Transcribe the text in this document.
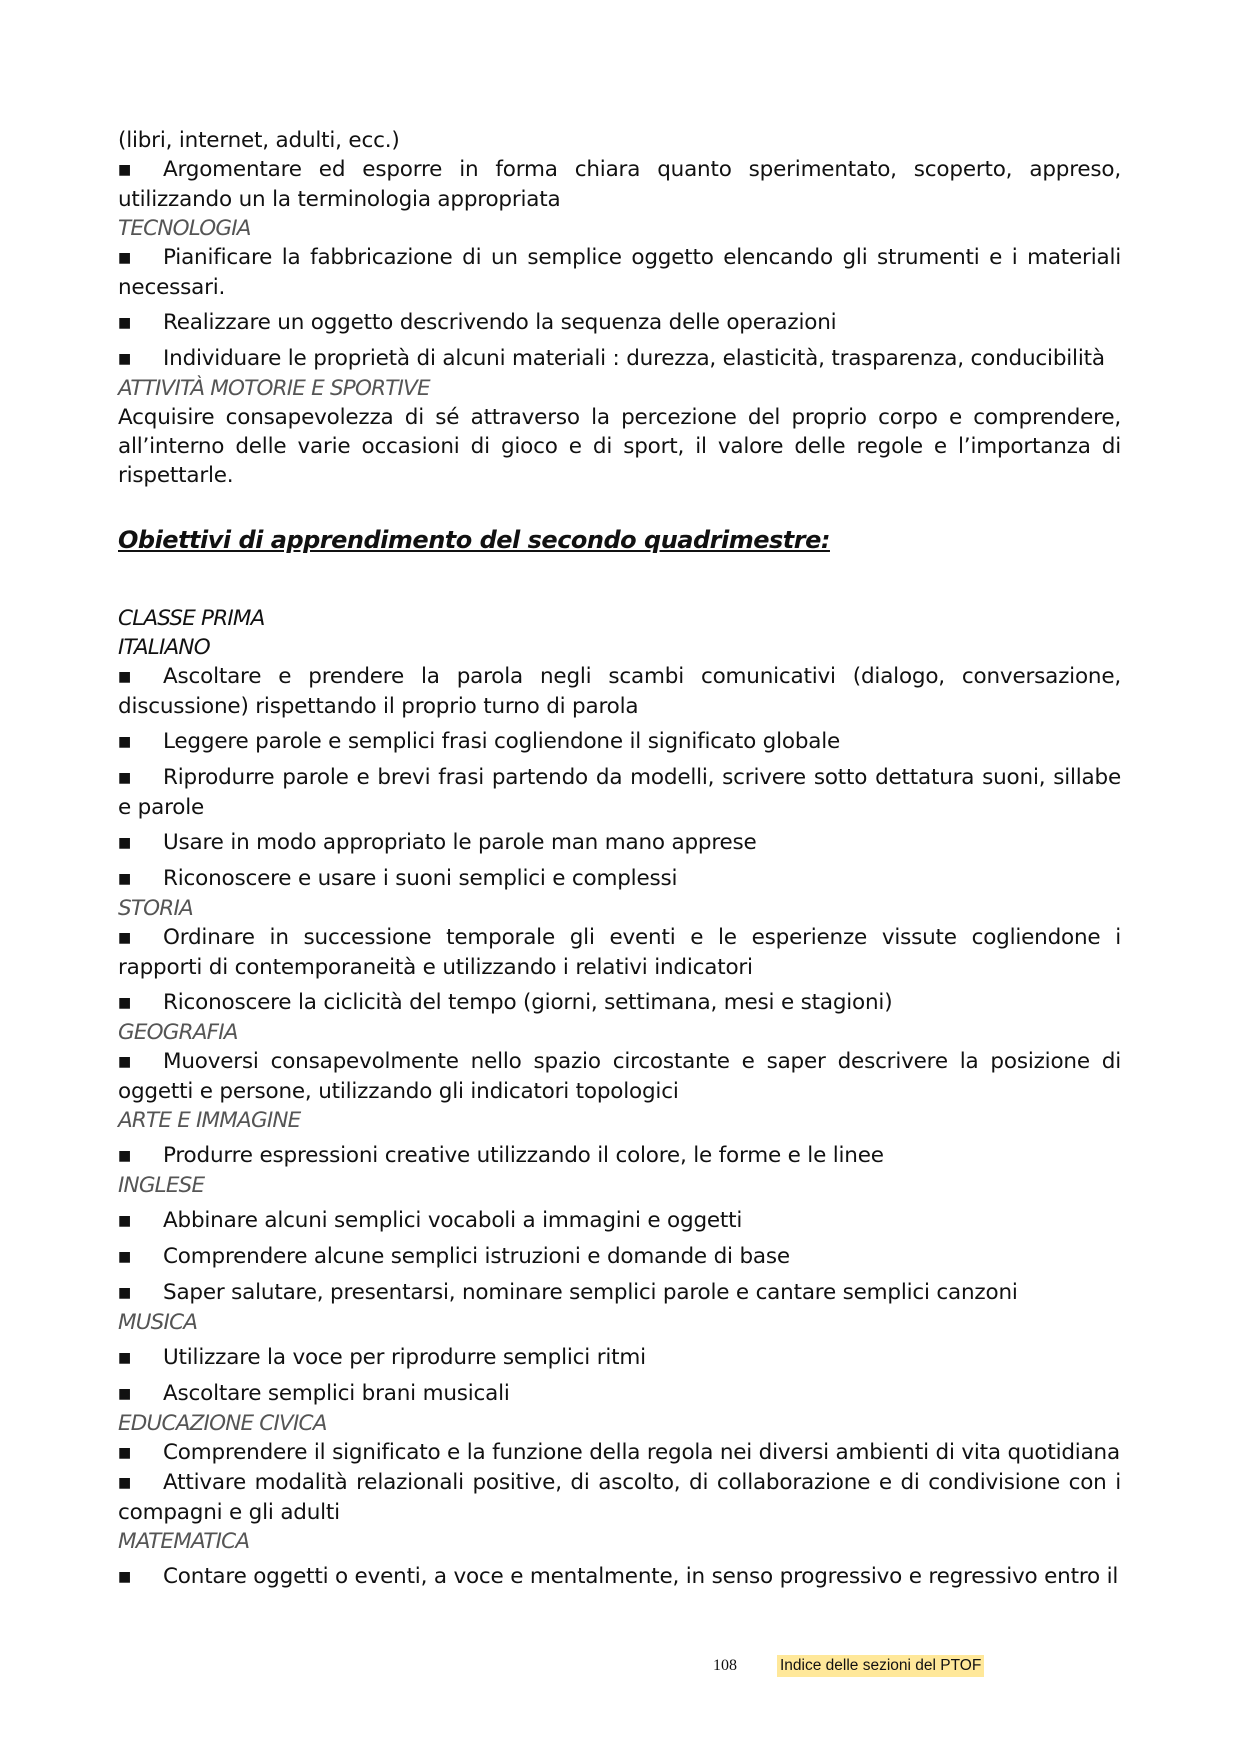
(libri, internet, adulti, ecc.)
■ Argomentare ed esporre in forma chiara quanto sperimentato, scoperto, appreso, utilizzando un la terminologia appropriata
TECNOLOGIA
■ Pianificare la fabbricazione di un semplice oggetto elencando gli strumenti e i materiali necessari.
■ Realizzare un oggetto descrivendo la sequenza delle operazioni
■ Individuare le proprietà di alcuni materiali : durezza, elasticità, trasparenza, conducibilità
ATTIVITÀ MOTORIE E SPORTIVE
Acquisire consapevolezza di sé attraverso la percezione del proprio corpo e comprendere, all’interno delle varie occasioni di gioco e di sport, il valore delle regole e l’importanza di rispettarle.
Obiettivi di apprendimento del secondo quadrimestre:
CLASSE PRIMA
ITALIANO
■ Ascoltare e prendere la parola negli scambi comunicativi (dialogo, conversazione, discussione) rispettando il proprio turno di parola
■ Leggere parole e semplici frasi cogliendone il significato globale
■ Riprodurre parole e brevi frasi partendo da modelli, scrivere sotto dettatura suoni, sillabe e parole
■ Usare in modo appropriato le parole man mano apprese
■ Riconoscere e usare i suoni semplici e complessi
STORIA
■ Ordinare in successione temporale gli eventi e le esperienze vissute cogliendone i rapporti di contemporaneità e utilizzando i relativi indicatori
■ Riconoscere la ciclicità del tempo (giorni, settimana, mesi e stagioni)
GEOGRAFIA
■ Muoversi consapevolmente nello spazio circostante e saper descrivere la posizione di oggetti e persone, utilizzando gli indicatori topologici
ARTE E IMMAGINE
■ Produrre espressioni creative utilizzando il colore, le forme e le linee
INGLESE
■ Abbinare alcuni semplici vocaboli a immagini e oggetti
■ Comprendere alcune semplici istruzioni e domande di base
■ Saper salutare, presentarsi, nominare semplici parole e cantare semplici canzoni
MUSICA
■ Utilizzare la voce per riprodurre semplici ritmi
■ Ascoltare semplici brani musicali
EDUCAZIONE CIVICA
■ Comprendere il significato e la funzione della regola nei diversi ambienti di vita quotidiana
■ Attivare modalità relazionali positive, di ascolto, di collaborazione e di condivisione con i compagni e gli adulti
MATEMATICA
■ Contare oggetti o eventi, a voce e mentalmente, in senso progressivo e regressivo entro il
108	Indice delle sezioni del PTOF
